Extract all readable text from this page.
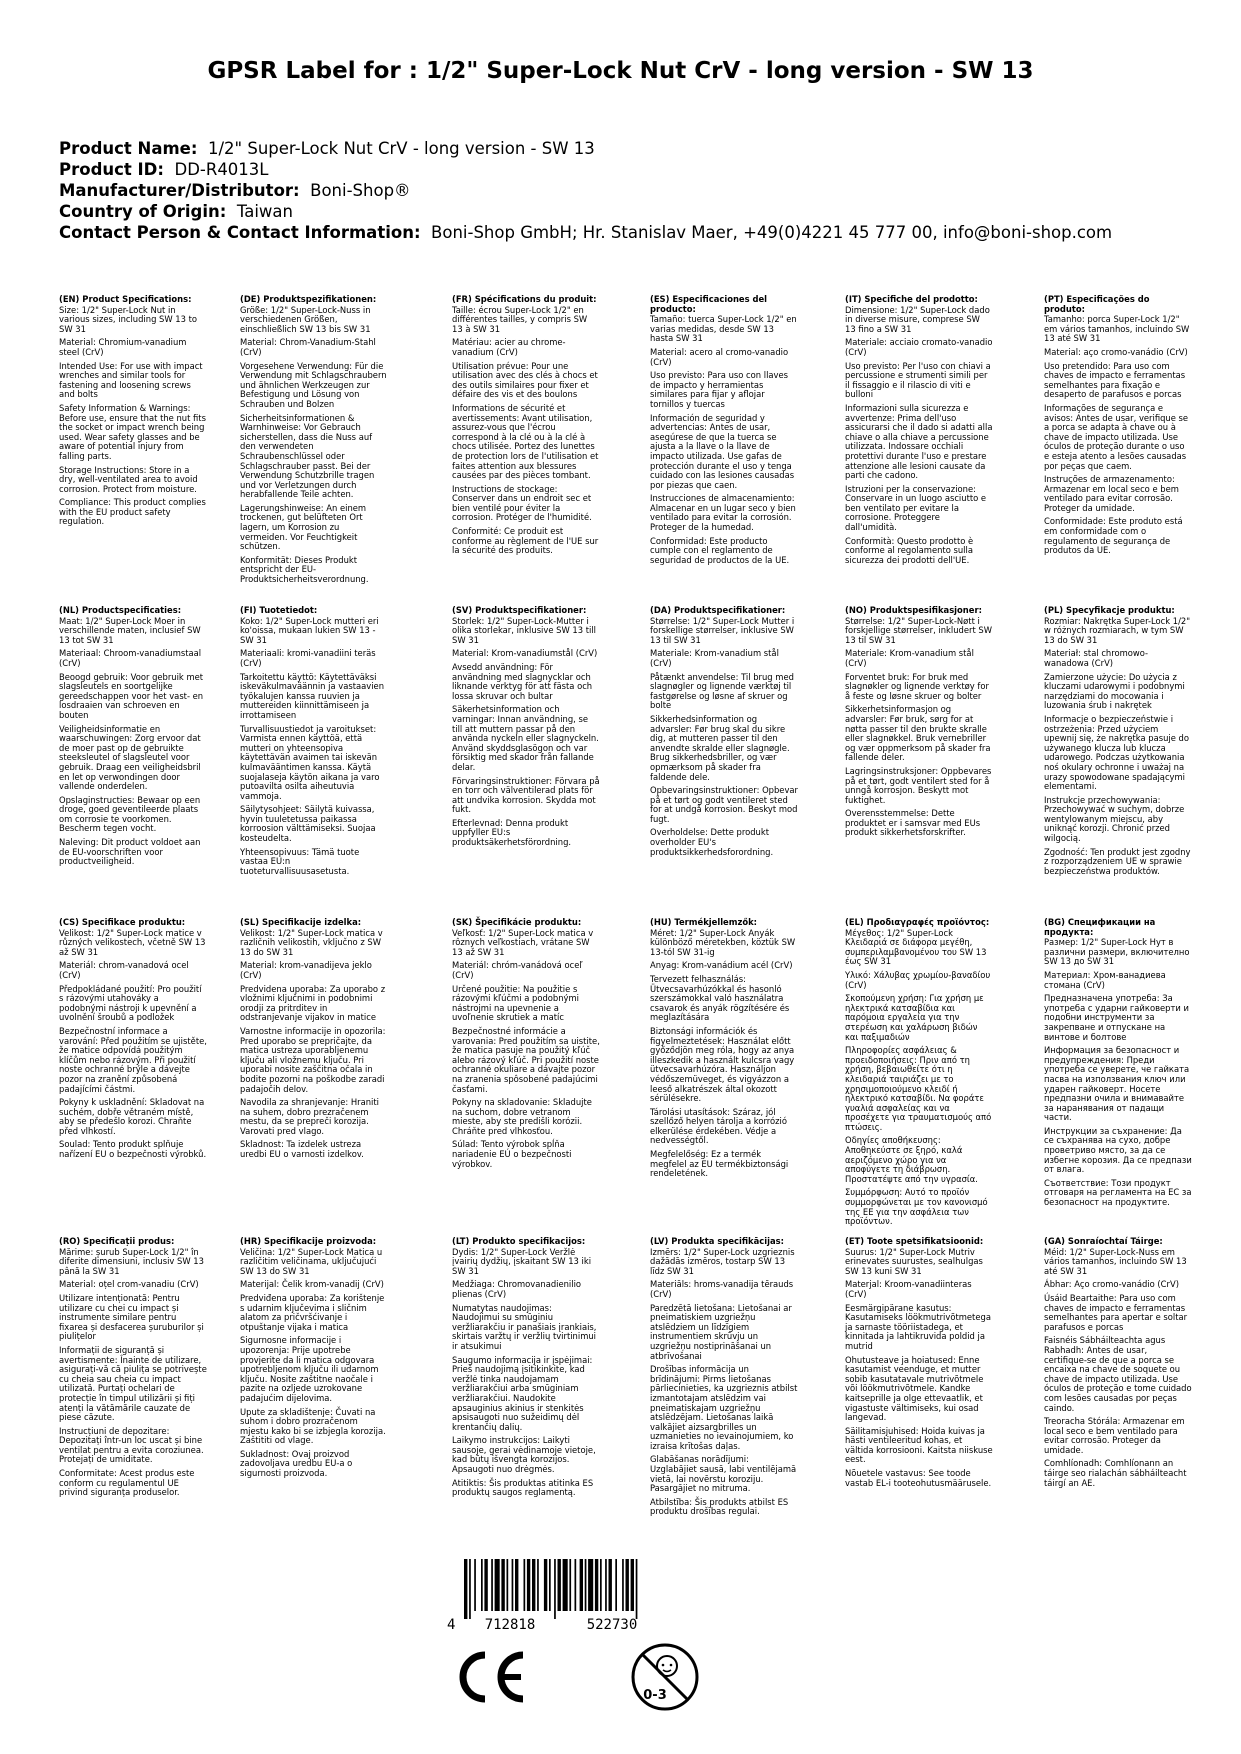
GPSR Label for : 1/2" Super-Lock Nut CrV - long version - SW 13
Product Name: 1/2" Super-Lock Nut CrV - long version - SW 13
Product ID: DD-R4013L
Manufacturer/Distributor: Boni-Shop®
Country of Origin: Taiwan
Contact Person & Contact Information: Boni-Shop GmbH; Hr. Stanislav Maer, +49(0)4221 45 777 00, info@boni-shop.com
(EN) Product Specifications:

Size: 1/2" Super-Lock Nut in various sizes, including SW 13 to SW 31

Material: Chromium-vanadium steel (CrV)

Intended Use: For use with impact wrenches and similar tools for fastening and loosening screws and bolts

Safety Information & Warnings: Before use, ensure that the nut fits the socket or impact wrench being used. Wear safety glasses and be aware of potential injury from falling parts.

Storage Instructions: Store in a dry, well-ventilated area to avoid corrosion. Protect from moisture.

Compliance: This product complies with the EU product safety regulation.

(DE) Produktspezifikationen:

Größe: 1/2" Super-Lock-Nuss in verschiedenen Größen, einschließlich SW 13 bis SW 31

Material: Chrom-Vanadium-Stahl (CrV)

Vorgesehene Verwendung: Für die Verwendung mit Schlagschraubern und ähnlichen Werkzeugen zur Befestigung und Lösung von Schrauben und Bolzen

Sicherheitsinformationen & Warnhinweise: Vor Gebrauch sicherstellen, dass die Nuss auf den verwendeten Schraubenschlüssel oder Schlagschrauber passt. Bei der Verwendung Schutzbrille tragen und vor Verletzungen durch herabfallende Teile achten.

Lagerungshinweise: An einem trockenen, gut belüfteten Ort lagern, um Korrosion zu vermeiden. Vor Feuchtigkeit schützen.

Konformität: Dieses Produkt entspricht der EU-Produktsicherheitsverordnung.

(FR) Spécifications du produit:

Taille: écrou Super-Lock 1/2" en différentes tailles, y compris SW 13 à SW 31

Matériau: acier au chrome-vanadium (CrV)

Utilisation prévue: Pour une utilisation avec des clés à chocs et des outils similaires pour fixer et défaire des vis et des boulons

Informations de sécurité et avertissements: Avant utilisation, assurez-vous que l'écrou correspond à la clé ou à la clé à chocs utilisée. Portez des lunettes de protection lors de l'utilisation et faites attention aux blessures causées par des pièces tombant.

Instructions de stockage: Conserver dans un endroit sec et bien ventilé pour éviter la corrosion. Protéger de l'humidité.

Conformité: Ce produit est conforme au règlement de l'UE sur la sécurité des produits.

(ES) Especificaciones del producto:

Tamaño: tuerca Super-Lock 1/2" en varias medidas, desde SW 13 hasta SW 31

Material: acero al cromo-vanadio (CrV)

Uso previsto: Para uso con llaves de impacto y herramientas similares para fijar y aflojar tornillos y tuercas

Información de seguridad y advertencias: Antes de usar, asegúrese de que la tuerca se ajusta a la llave o la llave de impacto utilizada. Use gafas de protección durante el uso y tenga cuidado con las lesiones causadas por piezas que caen.

Instrucciones de almacenamiento: Almacenar en un lugar seco y bien ventilado para evitar la corrosión. Proteger de la humedad.

Conformidad: Este producto cumple con el reglamento de seguridad de productos de la UE.

(IT) Specifiche del prodotto:

Dimensione: 1/2" Super-Lock dado in diverse misure, comprese SW 13 fino a SW 31

Materiale: acciaio cromato-vanadio (CrV)

Uso previsto: Per l'uso con chiavi a percussione e strumenti simili per il fissaggio e il rilascio di viti e bulloni

Informazioni sulla sicurezza e avvertenze: Prima dell'uso assicurarsi che il dado si adatti alla chiave o alla chiave a percussione utilizzata. Indossare occhiali protettivi durante l'uso e prestare attenzione alle lesioni causate da parti che cadono.

Istruzioni per la conservazione: Conservare in un luogo asciutto e ben ventilato per evitare la corrosione. Proteggere dall'umidità.

Conformità: Questo prodotto è conforme al regolamento sulla sicurezza dei prodotti dell'UE.

(PT) Especificações do produto:

Tamanho: porca Super-Lock 1/2" em vários tamanhos, incluindo SW 13 até SW 31

Material: aço cromo-vanádio (CrV)

Uso pretendido: Para uso com chaves de impacto e ferramentas semelhantes para fixação e desaperto de parafusos e porcas

Informações de segurança e avisos: Antes de usar, verifique se a porca se adapta à chave ou à chave de impacto utilizada. Use óculos de proteção durante o uso e esteja atento a lesões causadas por peças que caem.

Instruções de armazenamento: Armazenar em local seco e bem ventilado para evitar corrosão. Proteger da umidade.

Conformidade: Este produto está em conformidade com o regulamento de segurança de produtos da UE.

(NL) Productspecificaties:

Maat: 1/2" Super-Lock Moer in verschillende maten, inclusief SW 13 tot SW 31

Materiaal: Chroom-vanadiumstaal (CrV)

Beoogd gebruik: Voor gebruik met slagsleutels en soortgelijke gereedschappen voor het vast- en losdraaien van schroeven en bouten

Veiligheidsinformatie en waarschuwingen: Zorg ervoor dat de moer past op de gebruikte steeksleutel of slagsleutel voor gebruik. Draag een veiligheidsbril en let op verwondingen door vallende onderdelen.

Opslaginstructies: Bewaar op een droge, goed geventileerde plaats om corrosie te voorkomen. Bescherm tegen vocht.

Naleving: Dit product voldoet aan de EU-voorschriften voor productveiligheid.

(FI) Tuotetiedot:

Koko: 1/2" Super-Lock mutteri eri ko'oissa, mukaan lukien SW 13 - SW 31

Materiaali: kromi-vanadiini teräs (CrV)

Tarkoitettu käyttö: Käytettäväksi iskeväkulmaväännin ja vastaavien työkalujen kanssa ruuvien ja muttereiden kiinnittämiseen ja irrottamiseen

Turvallisuustiedot ja varoitukset: Varmista ennen käyttöä, että mutteri on yhteensopiva käytettävän avaimen tai iskevän kulmavääntimen kanssa. Käytä suojalaseja käytön aikana ja varo putoavilta osilta aiheutuvia vammoja.

Säilytysohjeet: Säilytä kuivassa, hyvin tuuletetussa paikassa korroosion välttämiseksi. Suojaa kosteudelta.

Yhteensopivuus: Tämä tuote vastaa EU:n tuoteturvallisuusasetusta.

(SV) Produktspecifikationer:

Storlek: 1/2" Super-Lock-Mutter i olika storlekar, inklusive SW 13 till SW 31

Material: Krom-vanadiumstål (CrV)

Avsedd användning: För användning med slagnycklar och liknande verktyg för att fästa och lossa skruvar och bultar

Säkerhetsinformation och varningar: Innan användning, se till att muttern passar på den använda nyckeln eller slagnyckeln. Använd skyddsglasögon och var försiktig med skador från fallande delar.

Förvaringsinstruktioner: Förvara på en torr och välventilerad plats för att undvika korrosion. Skydda mot fukt.

Efterlevnad: Denna produkt uppfyller EU:s produktsäkerhetsförordning.

(DA) Produktspecifikationer:

Størrelse: 1/2" Super-Lock Mutter i forskellige størrelser, inklusive SW 13 til SW 31

Materiale: Krom-vanadium stål (CrV)

Påtænkt anvendelse: Til brug med slagnøgler og lignende værktøj til fastgørelse og løsne af skruer og bolte

Sikkerhedsinformation og advarsler: Før brug skal du sikre dig, at mutteren passer til den anvendte skralde eller slagnøgle. Brug sikkerhedsbriller, og vær opmærksom på skader fra faldende dele.

Opbevaringsinstruktioner: Opbevar på et tørt og godt ventileret sted for at undgå korrosion. Beskyt mod fugt.

Overholdelse: Dette produkt overholder EU's produktsikkerhedsforordning.

(NO) Produktspesifikasjoner:

Størrelse: 1/2" Super-Lock-Nøtt i forskjellige størrelser, inkludert SW 13 til SW 31

Materiale: Krom-vanadium stål (CrV)

Forventet bruk: For bruk med slagnøkler og lignende verktøy for å feste og løsne skruer og bolter

Sikkerhetsinformasjon og advarsler: Før bruk, sørg for at nøtta passer til den brukte skralle eller slagnøkkel. Bruk vernebriller og vær oppmerksom på skader fra fallende deler.

Lagringsinstruksjoner: Oppbevares på et tørt, godt ventilert sted for å unngå korrosjon. Beskytt mot fuktighet.

Overensstemmelse: Dette produktet er i samsvar med EUs produkt sikkerhetsforskrifter.

(PL) Specyfikacje produktu:

Rozmiar: Nakrętka Super-Lock 1/2" w różnych rozmiarach, w tym SW 13 do SW 31

Materiał: stal chromowo-wanadowa (CrV)

Zamierzone użycie: Do użycia z kluczami udarowymi i podobnymi narzędziami do mocowania i luzowania śrub i nakrętek

Informacje o bezpieczeństwie i ostrzeżenia: Przed użyciem upewnij się, że nakrętka pasuje do używanego klucza lub klucza udarowego. Podczas użytkowania noś okulary ochronne i uważaj na urazy spowodowane spadającymi elementami.

Instrukcje przechowywania: Przechowywać w suchym, dobrze wentylowanym miejscu, aby uniknąć korozji. Chronić przed wilgocią.

Zgodność: Ten produkt jest zgodny z rozporządzeniem UE w sprawie bezpieczeństwa produktów.

(CS) Specifikace produktu:

Velikost: 1/2" Super-Lock matice v různých velikostech, včetně SW 13 až SW 31

Materiál: chrom-vanadová ocel (CrV)

Předpokládané použití: Pro použití s rázovými utahováky a podobnými nástroji k upevnění a uvolnění šroubů a podložek

Bezpečnostní informace a varování: Před použitím se ujistěte, že matice odpovídá použitým klíčům nebo rázovým. Při použití noste ochranné brýle a dávejte pozor na zranění způsobená padajícími částmi.

Pokyny k uskladnění: Skladovat na suchém, dobře větraném místě, aby se předešlo korozi. Chraňte před vlhkostí.

Soulad: Tento produkt splňuje nařízení EU o bezpečnosti výrobků.

(SL) Specifikacije izdelka:

Velikost: 1/2" Super-Lock matica v različnih velikostih, vključno z SW 13 do SW 31

Material: krom-vanadijeva jeklo (CrV)

Predvidena uporaba: Za uporabo z vložnimi ključnimi in podobnimi orodji za pritrditev in odstranjevanje vijakov in matice

Varnostne informacije in opozorila: Pred uporabo se prepričajte, da matica ustreza uporabljenemu ključu ali vložnemu ključu. Pri uporabi nosite zaščitna očala in bodite pozorni na poškodbe zaradi padajočih delov.

Navodila za shranjevanje: Hraniti na suhem, dobro prezračenem mestu, da se prepreči korozija. Varovati pred vlago.

Skladnost: Ta izdelek ustreza uredbi EU o varnosti izdelkov.

(SK) Špecifikácie produktu:

Veľkosť: 1/2" Super-Lock matica v rôznych veľkostiach, vrátane SW 13 až SW 31

Materiál: chróm-vanádová oceľ (CrV)

Určené použitie: Na použitie s rázovými kľúčmi a podobnými nástrojmi na upevnenie a uvoľnenie skrutiek a matíc

Bezpečnostné informácie a varovania: Pred použitím sa uistite, že matica pasuje na použitý kľúč alebo rázový kľúč. Pri použití noste ochranné okuliare a dávajte pozor na zranenia spôsobené padajúcimi časťami.

Pokyny na skladovanie: Skladujte na suchom, dobre vetranom mieste, aby ste predišli korózii. Chráňte pred vlhkosťou.

Súlad: Tento výrobok spĺňa nariadenie EÚ o bezpečnosti výrobkov.

(HU) Termékjellemzők:

Méret: 1/2" Super-Lock Anyák különböző méretekben, köztük SW 13-tól SW 31-ig

Anyag: Krom-vanádium acél (CrV)

Tervezett felhasználás: Ütvecsavarhúzókkal és hasonló szerszámokkal való használatra csavarok és anyák rögzítésére és meglazítására

Biztonsági információk és figyelmeztetések: Használat előtt győződjön meg róla, hogy az anya illeszkedik a használt kulcsra vagy ütvecsavarhúzóra. Használjon védőszemüveget, és vigyázzon a leeső alkatrészek által okozott sérülésekre.

Tárolási utasítások: Száraz, jól szellőző helyen tárolja a korrózió elkerülése érdekében. Védje a nedvességtől.

Megfelelőség: Ez a termék megfelel az EU termékbiztonsági rendeletének.

(EL) Προδιαγραφές προϊόντος:

Μέγεθος: 1/2" Super-Lock Κλειδαριά σε διάφορα μεγέθη, συμπεριλαμβανομένου του SW 13 έως SW 31

Υλικό: Χάλυβας χρωμίου-βαναδίου (CrV)

Σκοπούμενη χρήση: Για χρήση με ηλεκτρικά κατσαβίδια και παρόμοια εργαλεία για την στερέωση και χαλάρωση βιδών και παξιμαδιών

Πληροφορίες ασφάλειας & προειδοποιήσεις: Πριν από τη χρήση, βεβαιωθείτε ότι η κλειδαριά ταιριάζει με το χρησιμοποιούμενο κλειδί ή ηλεκτρικό κατσαβίδι. Να φοράτε γυαλιά ασφαλείας και να προσέχετε για τραυματισμούς από πτώσεις.

Οδηγίες αποθήκευσης: Αποθηκεύστε σε ξηρό, καλά αεριζόμενο χώρο για να αποφύγετε τη διάβρωση. Προστατέψτε από την υγρασία.

Συμμόρφωση: Αυτό το προϊόν συμμορφώνεται με τον κανονισμό της ΕΕ για την ασφάλεια των προϊόντων.

(BG) Спецификации на продукта:

Размер: 1/2" Super-Lock Нут в различни размери, включително SW 13 до SW 31

Материал: Хром-ванадиева стомана (CrV)

Предназначена употреба: За употреба с ударни гайковерти и подобни инструменти за закрепване и отпускане на винтове и болтове

Информация за безопасност и предупреждения: Преди употреба се уверете, че гайката пасва на използвания ключ или ударен гайковерт. Носете предпазни очила и внимавайте за наранявания от падащи части.

Инструкции за съхранение: Да се съхранява на сухо, добре проветриво място, за да се избегне корозия. Да се предпази от влага.

Съответствие: Този продукт отговаря на регламента на ЕС за безопасност на продуктите.

(RO) Specificații produs:

Mărime: șurub Super-Lock 1/2" în diferite dimensiuni, inclusiv SW 13 până la SW 31

Material: oțel crom-vanadiu (CrV)

Utilizare intenționată: Pentru utilizare cu chei cu impact și instrumente similare pentru fixarea și desfacerea șuruburilor și piulițelor

Informații de siguranță și avertismente: Înainte de utilizare, asigurați-vă că piulița se potrivește cu cheia sau cheia cu impact utilizată. Purtați ochelari de protecție în timpul utilizării și fiți atenți la vătămările cauzate de piese căzute.

Instrucțiuni de depozitare: Depozitați într-un loc uscat și bine ventilat pentru a evita coroziunea. Protejați de umiditate.

Conformitate: Acest produs este conform cu regulamentul UE privind siguranța produselor.

(HR) Specifikacije proizvoda:

Veličina: 1/2" Super-Lock Matica u različitim veličinama, uključujući SW 13 do SW 31

Materijal: Čelik krom-vanadij (CrV)

Predviđena uporaba: Za korištenje s udarnim ključevima i sličnim alatom za pričvršćivanje i otpuštanje vijaka i matica

Sigurnosne informacije i upozorenja: Prije upotrebe provjerite da li matica odgovara upotrebljenom ključu ili udarnom ključu. Nosite zaštitne naočale i pazite na ozljede uzrokovane padajućim dijelovima.

Upute za skladištenje: Čuvati na suhom i dobro prozračenom mjestu kako bi se izbjegla korozija. Zaštititi od vlage.

Sukladnost: Ovaj proizvod zadovoljava uredbu EU-a o sigurnosti proizvoda.

(LT) Produkto specifikacijos:

Dydis: 1/2" Super-Lock Veržlė įvairių dydžių, įskaitant SW 13 iki SW 31

Medžiaga: Chromovanadienilio plienas (CrV)

Numatytas naudojimas: Naudojimui su smūginiu veržliarakčiu ir panašiais įrankiais, skirtais varžtų ir veržlių tvirtinimui ir atsukimui

Saugumo informacija ir įspėjimai: Prieš naudojimą įsitikinkite, kad veržlė tinka naudojamam veržliarakčiui arba smūginiam veržliarakčiui. Naudokite apsauginius akinius ir stenkitės apsisaugoti nuo sužeidimų dėl krentančių dalių.

Laikymo instrukcijos: Laikyti sausoje, gerai vėdinamoje vietoje, kad būtų išvengta korozijos. Apsaugoti nuo drėgmės.

Atitiktis: Šis produktas atitinka ES produktų saugos reglamentą.

(LV) Produkta specifikācijas:

Izmērs: 1/2" Super-Lock uzgrieznis dažādās izmēros, tostarp SW 13 līdz SW 31

Materiāls: hroms-vanadija tērauds (CrV)

Paredzētā lietošana: Lietošanai ar pneimatiskiem uzgriežņu atslēdziem un līdzīgiem instrumentiem skrūvju un uzgriežņu nostiprināšanai un atbrīvošanai

Drošības informācija un brīdinājumi: Pirms lietošanas pārliecinieties, ka uzgrieznis atbilst izmantotajam atslēdzim vai pneimatiskajam uzgriežņu atslēdzējam. Lietošanas laikā valkājiet aizsargbrilles un uzmanieties no ievainojumiem, ko izraisa krītošas daļas.

Glabāšanas norādījumi: Uzglabājiet sausā, labi ventilējamā vietā, lai novērstu koroziju. Pasargājiet no mitruma.

Atbilstība: Šis produkts atbilst ES produktu drošības regulai.

(ET) Toote spetsifikatsioonid:

Suurus: 1/2" Super-Lock Mutriv erinevates suurustes, sealhulgas SW 13 kuni SW 31

Materjal: Kroom-vanadiinteras (CrV)

Eesmärgipärane kasutus: Kasutamiseks löökmutrivõtmetega ja sarnaste tööriistadega, et kinnitada ja lahtikruvida poldid ja mutrid

Ohutusteave ja hoiatused: Enne kasutamist veenduge, et mutter sobib kasutatavale mutrivõtmele või löökmutrivõtmele. Kandke kaitseprille ja olge ettevaatlik, et vigastuste vältimiseks, kui osad langevad.

Säilitamisjuhised: Hoida kuivas ja hästi ventileeritud kohas, et vältida korrosiooni. Kaitsta niiskuse eest.

Nõuetele vastavus: See toode vastab EL-i tooteohutusmäärusele.

(GA) Sonraíochtaí Táirge:

Méid: 1/2" Super-Lock-Nuss em vários tamanhos, incluindo SW 13 até SW 31

Ábhar: Aço cromo-vanádio (CrV)

Úsáid Beartaithe: Para uso com chaves de impacto e ferramentas semelhantes para apertar e soltar parafusos e porcas

Faisnéis Sábháilteachta agus Rabhadh: Antes de usar, certifique-se de que a porca se encaixa na chave de soquete ou chave de impacto utilizada. Use óculos de proteção e tome cuidado com lesões causadas por peças caindo.

Treoracha Stórála: Armazenar em local seco e bem ventilado para evitar corrosão. Proteger da umidade.

Comhlíonadh: Comhlíonann an táirge seo rialachán sábháilteacht táirgí an AE.

4 712818	522730
0-3
